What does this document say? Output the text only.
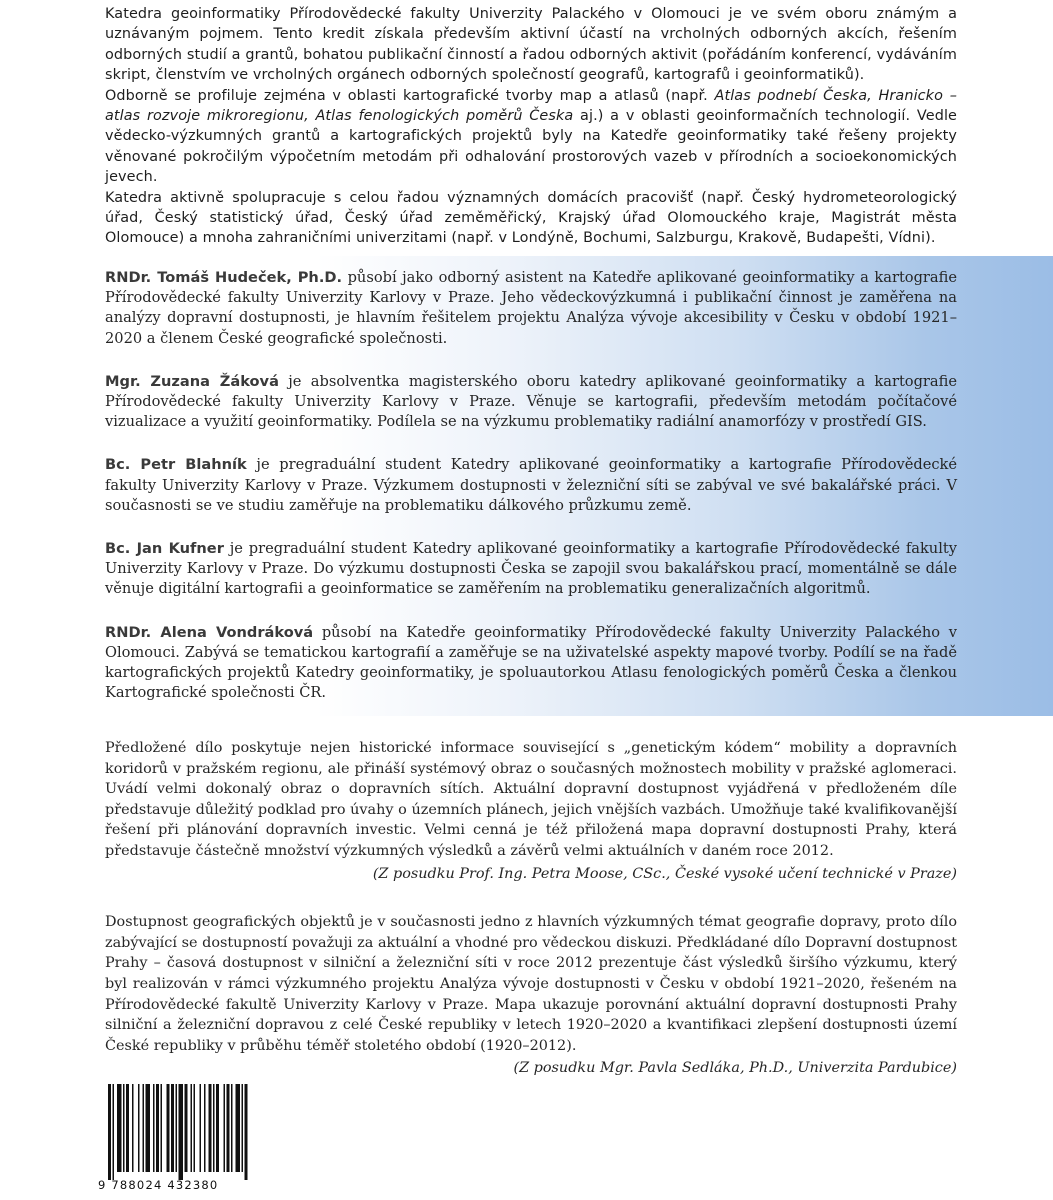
Katedra geoinformatiky Přírodovědecké fakulty Univerzity Palackého v Olomouci je ve svém oboru známým a uznávaným pojmem. Tento kredit získala především aktivní účastí na vrcholných odborných akcích, řešením odborných studií a grantů, bohatou publikační činností a řadou odborných aktivit (pořádáním konferencí, vydáváním skript, členstvím ve vrcholných orgánech odborných společností geografů, kartografů i geoinformatiků).

Odborně se profiluje zejména v oblasti kartografické tvorby map a atlasů (např. Atlas podnebí Česka, Hranicko – atlas rozvoje mikroregionu, Atlas fenologických poměrů Česka aj.) a v oblasti geoinformačních technologií. Vedle vědecko-výzkumných grantů a kartografických projektů byly na Katedře geoinformatiky také řešeny projekty věnované pokročilým výpočetním metodám při odhalování prostorových vazeb v přírodních a socioekonomických jevech.

Katedra aktivně spolupracuje s celou řadou významných domácích pracovišť (např. Český hydrometeorologický úřad, Český statistický úřad, Český úřad zeměměřický, Krajský úřad Olomouckého kraje, Magistrát města Olomouce) a mnoha zahraničními univerzitami (např. v Londýně, Bochumi, Salzburgu, Krakově, Budapešti, Vídni).

RNDr. Tomáš Hudeček, Ph.D. působí jako odborný asistent na Katedře aplikované geoinformatiky a kartografie Přírodovědecké fakulty Univerzity Karlovy v Praze. Jeho vědeckovýzkumná i publikační činnost je zaměřena na analýzy dopravní dostupnosti, je hlavním řešitelem projektu Analýza vývoje akcesibility v Česku v období 1921–2020 a členem České geografické společnosti.

Mgr. Zuzana Žáková je absolventka magisterského oboru katedry aplikované geoinformatiky a kartografie Přírodovědecké fakulty Univerzity Karlovy v Praze. Věnuje se kartografii, především metodám počítačové vizualizace a využití geoinformatiky. Podílela se na výzkumu problematiky radiální anamorfózy v prostředí GIS.

Bc. Petr Blahník je pregraduální student Katedry aplikované geoinformatiky a kartografie Přírodovědecké fakulty Univerzity Karlovy v Praze. Výzkumem dostupnosti v železniční síti se zabýval ve své bakalářské práci. V současnosti se ve studiu zaměřuje na problematiku dálkového průzkumu země.

Bc. Jan Kufner je pregraduální student Katedry aplikované geoinformatiky a kartografie Přírodovědecké fakulty Univerzity Karlovy v Praze. Do výzkumu dostupnosti Česka se zapojil svou bakalářskou prací, momentálně se dále věnuje digitální kartografii a geoinformatice se zaměřením na problematiku generalizačních algoritmů.

RNDr. Alena Vondráková působí na Katedře geoinformatiky Přírodovědecké fakulty Univerzity Palackého v Olomouci. Zabývá se tematickou kartografií a zaměřuje se na uživatelské aspekty mapové tvorby. Podílí se na řadě kartografických projektů Katedry geoinformatiky, je spoluautorkou Atlasu fenologických poměrů Česka a členkou Kartografické společnosti ČR.

Předložené dílo poskytuje nejen historické informace související s „genetickým kódem“ mobility a dopravních koridorů v pražském regionu, ale přináší systémový obraz o současných možnostech mobility v pražské aglomeraci. Uvádí velmi dokonalý obraz o dopravních sítích. Aktuální dopravní dostupnost vyjádřená v předloženém díle představuje důležitý podklad pro úvahy o územních plánech, jejich vnějších vazbách. Umožňuje také kvalifikovanější řešení při plánování dopravních investic. Velmi cenná je též přiložená mapa dopravní dostupnosti Prahy, která představuje částečně množství výzkumných výsledků a závěrů velmi aktuálních v daném roce 2012.

(Z posudku Prof. Ing. Petra Moose, CSc., České vysoké učení technické v Praze)

Dostupnost geografických objektů je v současnosti jedno z hlavních výzkumných témat geografie dopravy, proto dílo zabývající se dostupností považuji za aktuální a vhodné pro vědeckou diskuzi. Předkládané dílo Dopravní dostupnost Prahy – časová dostupnost v silniční a železniční síti v roce 2012 prezentuje část výsledků širšího výzkumu, který byl realizován v rámci výzkumného projektu Analýza vývoje dostupnosti v Česku v období 1921–2020, řešeném na Přírodovědecké fakultě Univerzity Karlovy v Praze. Mapa ukazuje porovnání aktuální dopravní dostupnosti Prahy silniční a železniční dopravou z celé České republiky v letech 1920–2020 a kvantifikaci zlepšení dostupnosti území České republiky v průběhu téměř stoletého období (1920–2012).

(Z posudku Mgr. Pavla Sedláka, Ph.D., Univerzita Pardubice)

9 788024 432380
